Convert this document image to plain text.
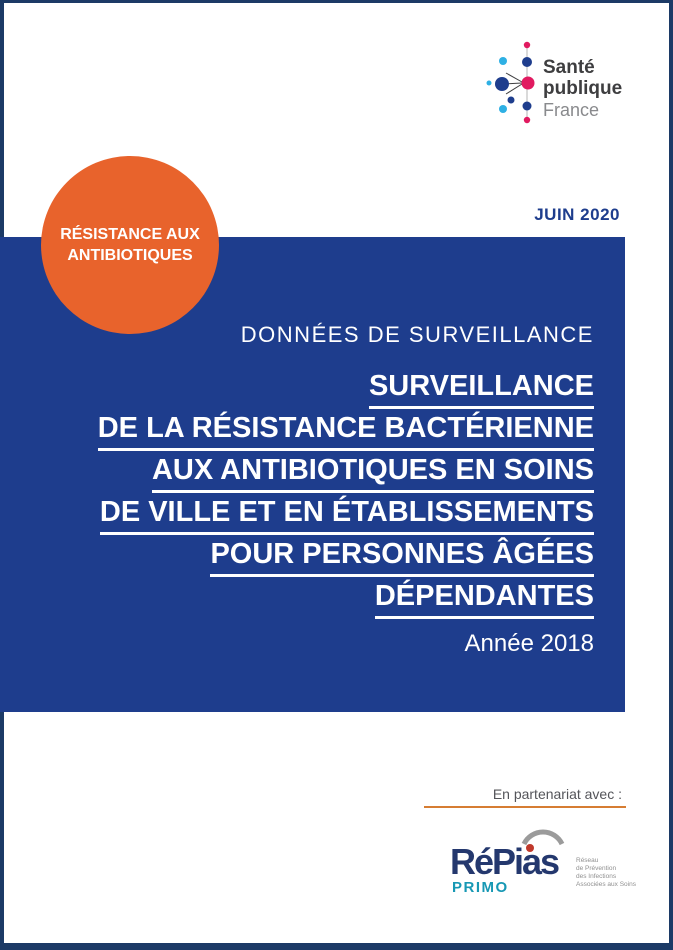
Santé
publique
France
JUIN 2020
RÉSISTANCE AUX
ANTIBIOTIQUES
DONNÉES DE SURVEILLANCE
SURVEILLANCE
DE LA RÉSISTANCE BACTÉRIENNE
AUX ANTIBIOTIQUES EN SOINS
DE VILLE ET EN ÉTABLISSEMENTS
POUR PERSONNES ÂGÉES
DÉPENDANTES
Année 2018
En partenariat avec :
RéPias
PRIMO
Réseau
de Prévention
des Infections
Associées aux Soins
